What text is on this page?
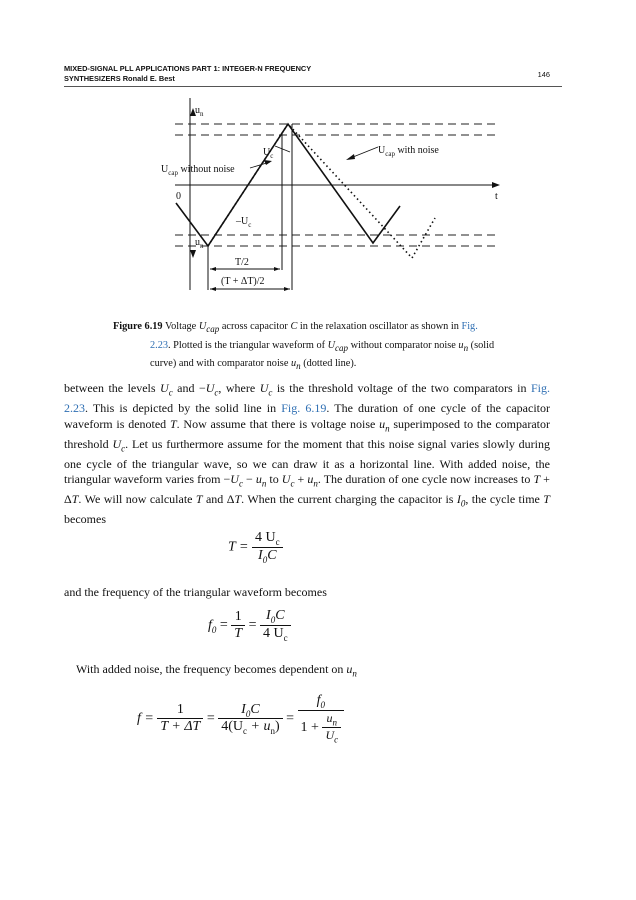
MIXED-SIGNAL PLL APPLICATIONS PART 1: INTEGER-N FREQUENCY
SYNTHESIZERS Ronald E. Best	146
$u_n$
$U_c$	$U_{cap}$ with noise
$U_{cap}$ without noise
0	t
$-U_c$
$u_n$
T/2
(T + ΔT)/2
Figure 6.19 Voltage $U_{cap}$ across capacitor C in the relaxation oscillator as shown in Fig.
2.23. Plotted is the triangular waveform of $U_{cap}$ without comparator noise $u_n$ (solid
curve) and with comparator noise $u_n$ (dotted line).
between the levels $U_c$ and $-U_c$, where $U_c$ is the threshold voltage of the two comparators in Fig. 2.23. This is depicted by the solid line in Fig. 6.19. The duration of one cycle of the capacitor waveform is denoted T. Now assume that there is voltage noise $u_n$ superimposed to the comparator threshold $U_c$. Let us furthermore assume for the moment that this noise signal varies slowly during one cycle of the triangular wave, so we can draw it as a horizontal line. With added noise, the triangular waveform varies from $-U_c - u_n$ to $U_c + u_n$. The duration of one cycle now increases to T + ΔT. We will now calculate T and ΔT. When the current charging the capacitor is $I_0$, the cycle time T becomes
$T = \frac{4 U_c}{I_0C}$
and the frequency of the triangular waveform becomes
$f_0 = \frac{1}{T} = \frac{I_0C}{4 U_c}$
With added noise, the frequency becomes dependent on $u_n$
$f = \frac{1}{T + \Delta T} = \frac{I_0C}{4(U_c + u_n)} = \frac{f_0}{1 + \frac{u_n}{U_c}}$
